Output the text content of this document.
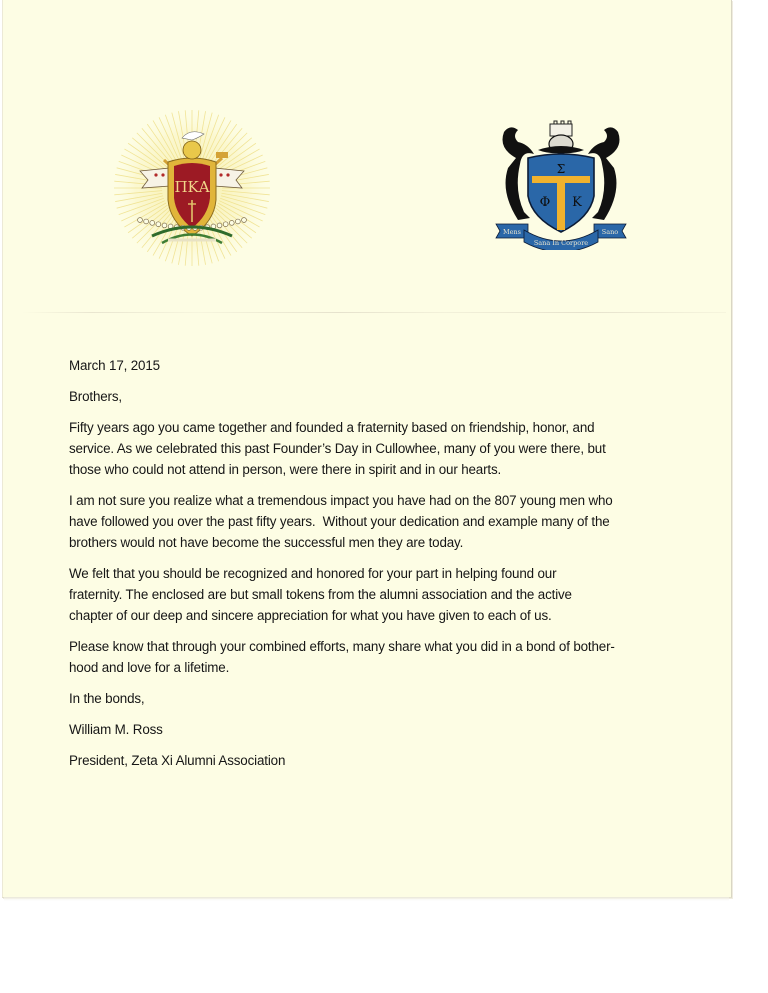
ΠΚΑ
Σ
Φ Κ
Mens	Sano
Sana In Corpore

March 17, 2015

Brothers,

Fifty years ago you came together and founded a fraternity based on friendship, honor, and
service. As we celebrated this past Founder’s Day in Cullowhee, many of you were there, but
those who could not attend in person, were there in spirit and in our hearts.
I am not sure you realize what a tremendous impact you have had on the 807 young men who
have followed you over the past fifty years.  Without your dedication and example many of the
brothers would not have become the successful men they are today.
We felt that you should be recognized and honored for your part in helping found our
fraternity. The enclosed are but small tokens from the alumni association and the active
chapter of our deep and sincere appreciation for what you have given to each of us.
Please know that through your combined efforts, many share what you did in a bond of bother-
hood and love for a lifetime.

In the bonds,

William M. Ross

President, Zeta Xi Alumni Association
